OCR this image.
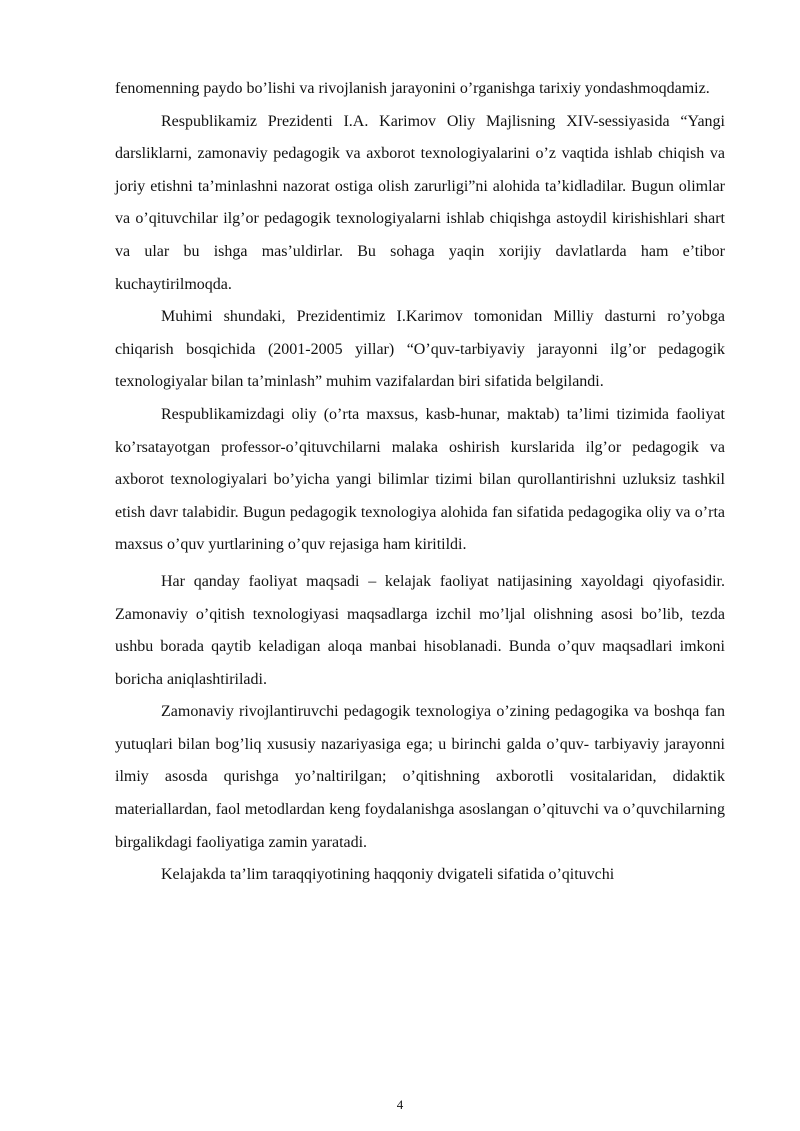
fenomenning paydo bo’lishi va rivojlanish jarayonini o’rganishga tarixiy yondashmoqdamiz.

Respublikamiz Prezidenti I.A. Karimov Oliy Majlisning XIV-sessiyasida “Yangi darsliklarni, zamonaviy pedagogik va axborot texnologiyalarini o’z vaqtida ishlab chiqish va joriy etishni ta’minlashni nazorat ostiga olish zarurligi”ni alohida ta’kidladilar. Bugun olimlar va o’qituvchilar ilg’or pedagogik texnologiyalarni ishlab chiqishga astoydil kirishishlari shart va ular bu ishga mas’uldirlar. Bu sohaga yaqin xorijiy davlatlarda ham e’tibor kuchaytirilmoqda.

Muhimi shundaki, Prezidentimiz I.Karimov tomonidan Milliy dasturni ro’yobga chiqarish bosqichida (2001-2005 yillar) “O’quv-tarbiyaviy jarayonni ilg’or pedagogik texnologiyalar bilan ta’minlash” muhim vazifalardan biri sifatida belgilandi.

Respublikamizdagi oliy (o’rta maxsus, kasb-hunar, maktab) ta’limi tizimida faoliyat ko’rsatayotgan professor-o’qituvchilarni malaka oshirish kurslarida ilg’or pedagogik va axborot texnologiyalari bo’yicha yangi bilimlar tizimi bilan qurollantirishni uzluksiz tashkil etish davr talabidir. Bugun pedagogik texnologiya alohida fan sifatida pedagogika oliy va o’rta maxsus o’quv yurtlarining o’quv rejasiga ham kiritildi.

Har qanday faoliyat maqsadi – kelajak faoliyat natijasining xayoldagi qiyofasidir. Zamonaviy o’qitish texnologiyasi maqsadlarga izchil mo’ljal olishning asosi bo’lib, tezda ushbu borada qaytib keladigan aloqa manbai hisoblanadi. Bunda o’quv maqsadlari imkoni boricha aniqlashtiriladi.

Zamonaviy rivojlantiruvchi pedagogik texnologiya o’zining pedagogika va boshqa fan yutuqlari bilan bog’liq xususiy nazariyasiga ega; u birinchi galda o’quv- tarbiyaviy jarayonni ilmiy asosda qurishga yo’naltirilgan; o’qitishning axborotli vositalaridan, didaktik materiallardan, faol metodlardan keng foydalanishga asoslangan o’qituvchi va o’quvchilarning birgalikdagi faoliyatiga zamin yaratadi.

Kelajakda ta’lim taraqqiyotining haqqoniy dvigateli sifatida o’qituvchi

4
